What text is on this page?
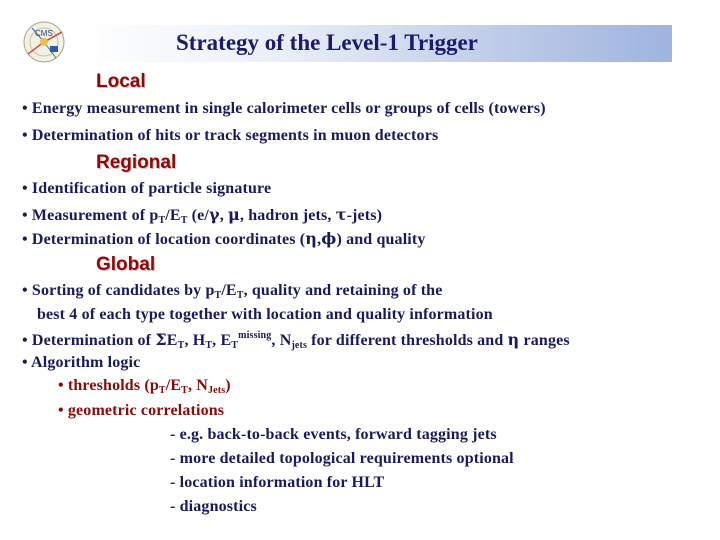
CMS	Strategy of the Level-1 Trigger
Local
• Energy measurement in single calorimeter cells or groups of cells (towers)
• Determination of hits or track segments in muon detectors
Regional
• Identification of particle signature
• Measurement of $p_T/E_T$ (e/γ, μ, hadron jets, τ-jets)
• Determination of location coordinates (η,ϕ) and quality
Global
• Sorting of candidates by $p_T/E_T$, quality and retaining of the
best 4 of each type together with location and quality information
• Determination of $\Sigma E_T$, $H_T$, $E_T^{missing}$, $N_{jets}$ for different thresholds and η ranges
• Algorithm logic
• thresholds ($p_T/E_T$, $N_{Jets}$)
• geometric correlations
- e.g. back-to-back events, forward tagging jets
- more detailed topological requirements optional
- location information for HLT
- diagnostics
